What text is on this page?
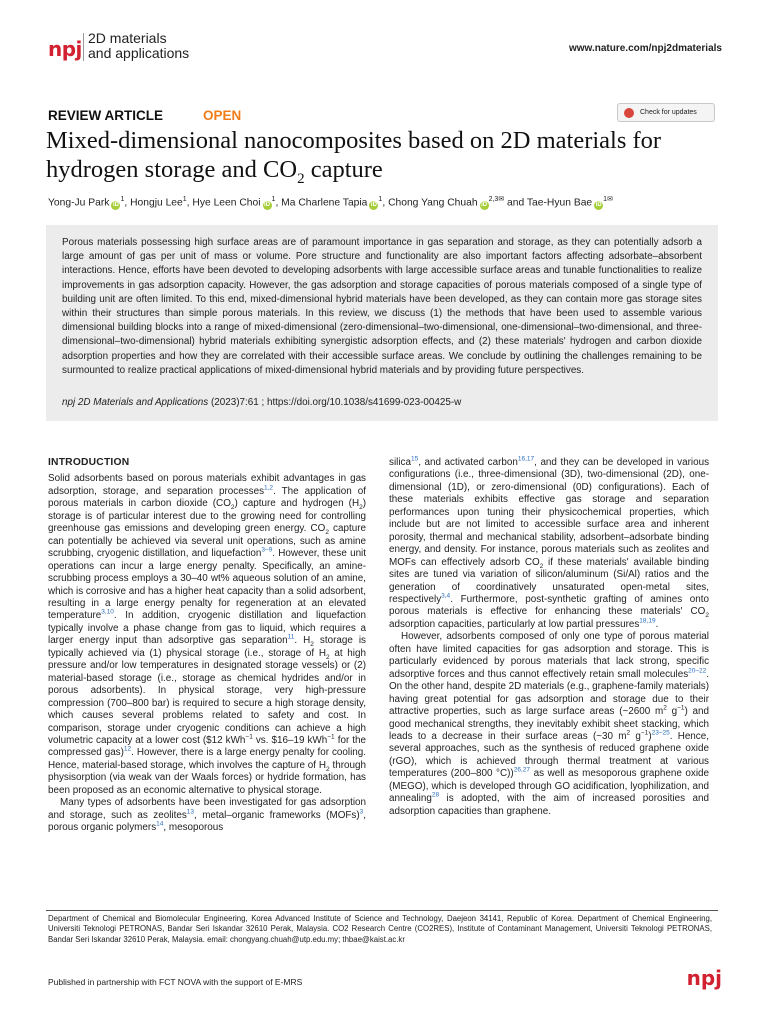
npj 2D materials
and applications	www.nature.com/npj2dmaterials
REVIEW ARTICLE	OPEN	Check for updates
Mixed-dimensional nanocomposites based on 2D materials for hydrogen storage and $CO_2$ capture
Yong-Ju Park $iD^1$, Hongju Lee$^1$, Hye Leen Choi $iD^1$, Ma Charlene Tapia $iD^1$, Chong Yang Chuah $iD^{2,3✉}$ and Tae-Hyun Bae $iD^{1✉}$
Porous materials possessing high surface areas are of paramount importance in gas separation and storage, as they can potentially adsorb a large amount of gas per unit of mass or volume. Pore structure and functionality are also important factors affecting adsorbate–absorbent interactions. Hence, efforts have been devoted to developing adsorbents with large accessible surface areas and tunable functionalities to realize improvements in gas adsorption capacity. However, the gas adsorption and storage capacities of porous materials composed of a single type of building unit are often limited. To this end, mixed-dimensional hybrid materials have been developed, as they can contain more gas storage sites within their structures than simple porous materials. In this review, we discuss (1) the methods that have been used to assemble various dimensional building blocks into a range of mixed-dimensional (zero-dimensional–two-dimensional, one-dimensional–two-dimensional, and three-dimensional–two-dimensional) hybrid materials exhibiting synergistic adsorption effects, and (2) these materials' hydrogen and carbon dioxide adsorption properties and how they are correlated with their accessible surface areas. We conclude by outlining the challenges remaining to be surmounted to realize practical applications of mixed-dimensional hybrid materials and by providing future perspectives.
npj 2D Materials and Applications (2023)7:61 ; https://doi.org/10.1038/s41699-023-00425-w
INTRODUCTION

Solid adsorbents based on porous materials exhibit advantages in gas adsorption, storage, and separation processes$^{1,2}$. The application of porous materials in carbon dioxide $(CO_2)$ capture and hydrogen $(H_2)$ storage is of particular interest due to the growing need for controlling greenhouse gas emissions and developing green energy. $CO_2$ capture can potentially be achieved via several unit operations, such as amine scrubbing, cryogenic distillation, and liquefaction$^{3-9}$. However, these unit operations can incur a large energy penalty. Specifically, an amine-scrubbing process employs a 30–40 wt% aqueous solution of an amine, which is corrosive and has a higher heat capacity than a solid adsorbent, resulting in a large energy penalty for regeneration at an elevated temperature$^{3,10}$. In addition, cryogenic distillation and liquefaction typically involve a phase change from gas to liquid, which requires a larger energy input than adsorptive gas separation$^{11}$. $H_2$ storage is typically achieved via (1) physical storage (i.e., storage of $H_2$ at high pressure and/or low temperatures in designated storage vessels) or (2) material-based storage (i.e., storage as chemical hydrides and/or in porous adsorbents). In physical storage, very high-pressure compression (700–800 bar) is required to secure a high storage density, which causes several problems related to safety and cost. In comparison, storage under cryogenic conditions can achieve a high volumetric capacity at a lower cost ($12 kWh$^{-1}$ vs. $16–19 kWh$^{-1}$ for the compressed gas)$^{12}$. However, there is a large energy penalty for cooling. Hence, material-based storage, which involves the capture of $H_2$ through physisorption (via weak van der Waals forces) or hydride formation, has been proposed as an economic alternative to physical storage.

Many types of adsorbents have been investigated for gas adsorption and storage, such as zeolites$^{13}$, metal–organic frameworks (MOFs)$^3$, porous organic polymers$^{14}$, mesoporous

silica$^{15}$, and activated carbon$^{16,17}$, and they can be developed in various configurations (i.e., three-dimensional (3D), two-dimensional (2D), one-dimensional (1D), or zero-dimensional (0D) configurations). Each of these materials exhibits effective gas storage and separation performances upon tuning their physicochemical properties, which include but are not limited to accessible surface area and inherent porosity, thermal and mechanical stability, adsorbent–adsorbate binding energy, and density. For instance, porous materials such as zeolites and MOFs can effectively adsorb $CO_2$ if these materials' available binding sites are tuned via variation of silicon/aluminum (Si/Al) ratios and the generation of coordinatively unsaturated open-metal sites, respectively$^{3,4}$. Furthermore, post-synthetic grafting of amines onto porous materials is effective for enhancing these materials' $CO_2$ adsorption capacities, particularly at low partial pressures$^{18,19}$.

However, adsorbents composed of only one type of porous material often have limited capacities for gas adsorption and storage. This is particularly evidenced by porous materials that lack strong, specific adsorptive forces and thus cannot effectively retain small molecules$^{20-22}$. On the other hand, despite 2D materials (e.g., graphene-family materials) having great potential for gas adsorption and storage due to their attractive properties, such as large surface areas (~2600 $m^2$ $g^{-1}$) and good mechanical strengths, they inevitably exhibit sheet stacking, which leads to a decrease in their surface areas (~30 $m^2$ $g^{-1})^{23-25}$. Hence, several approaches, such as the synthesis of reduced graphene oxide (rGO), which is achieved through thermal treatment at various temperatures (200–800 °C))$^{26,27}$ as well as mesoporous graphene oxide (MEGO), which is developed through GO acidification, lyophilization, and annealing$^{28}$ is adopted, with the aim of increased porosities and adsorption capacities than graphene.

Department of Chemical and Biomolecular Engineering, Korea Advanced Institute of Science and Technology, Daejeon 34141, Republic of Korea. Department of Chemical Engineering, Universiti Teknologi PETRONAS, Bandar Seri Iskandar 32610 Perak, Malaysia. CO2 Research Centre (CO2RES), Institute of Contaminant Management, Universiti Teknologi PETRONAS, Bandar Seri Iskandar 32610 Perak, Malaysia. email: chongyang.chuah@utp.edu.my; thbae@kaist.ac.kr
Published in partnership with FCT NOVA with the support of E-MRS	npj
